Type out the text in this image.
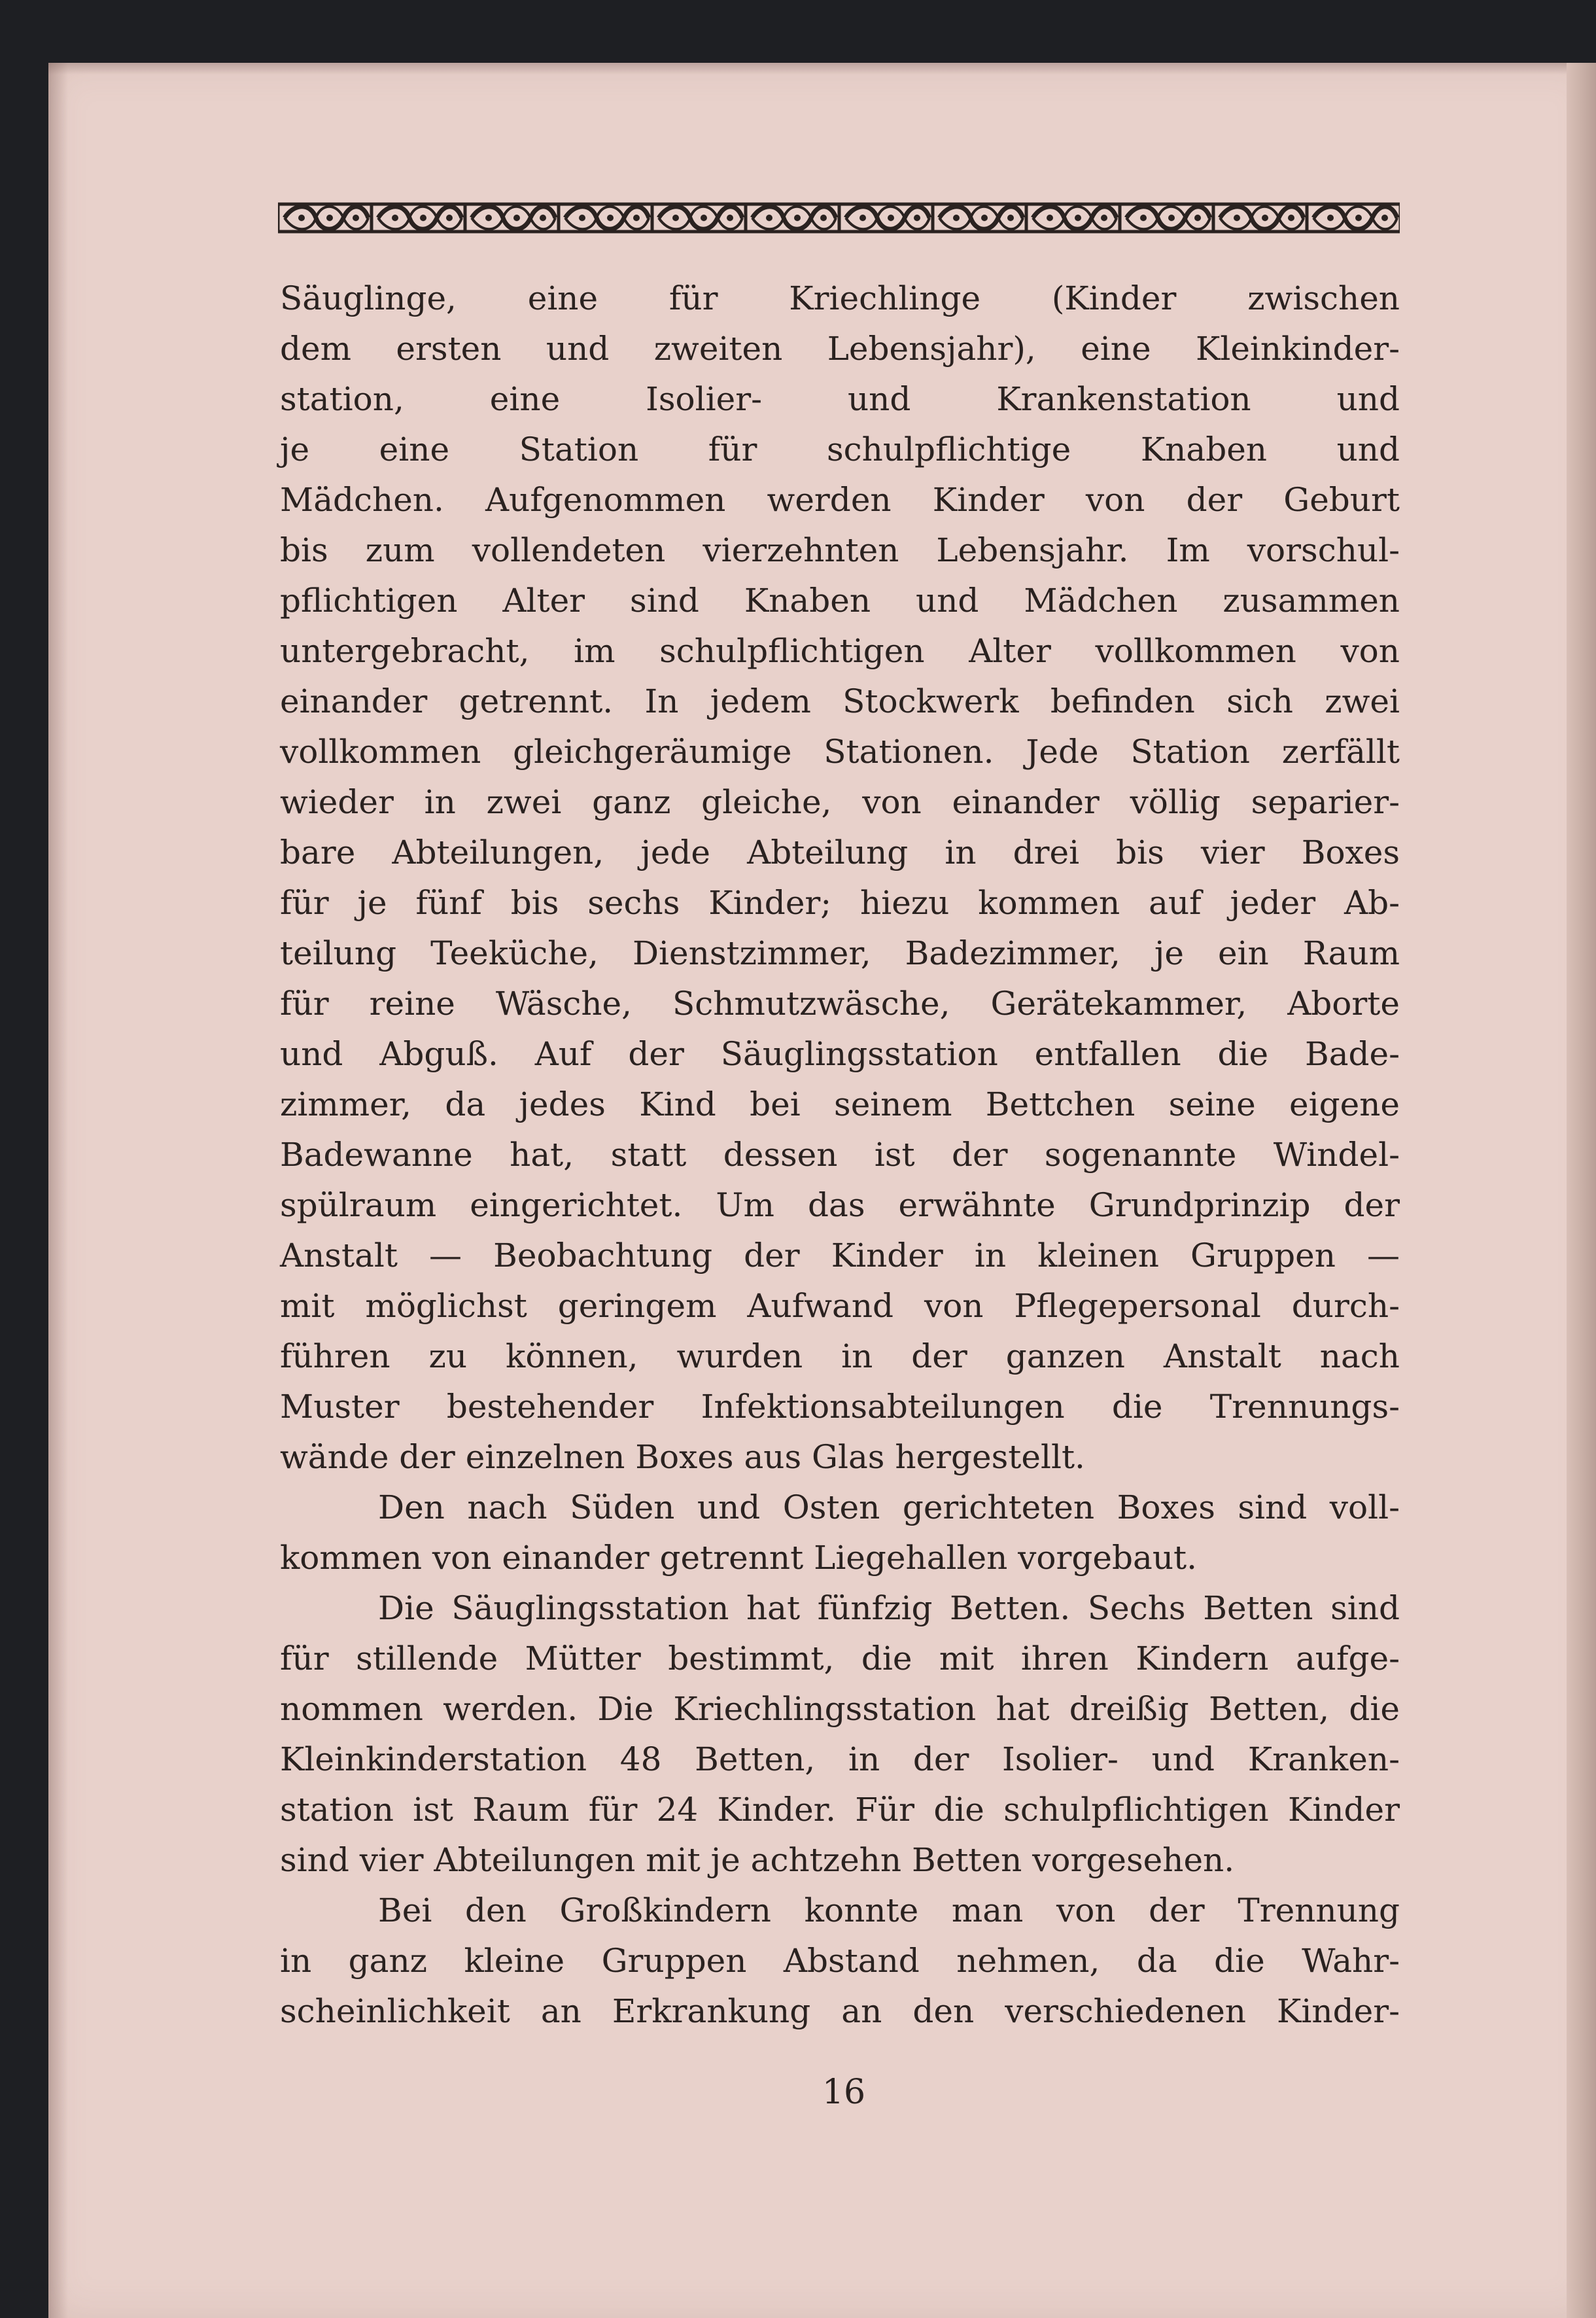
Säuglinge, eine für Kriechlinge (Kinder zwischen
dem ersten und zweiten Lebensjahr), eine Kleinkinder-
station, eine Isolier- und Krankenstation und
je eine Station für schulpflichtige Knaben und
Mädchen. Aufgenommen werden Kinder von der Geburt
bis zum vollendeten vierzehnten Lebensjahr. Im vorschul-
pflichtigen Alter sind Knaben und Mädchen zusammen
untergebracht, im schulpflichtigen Alter vollkommen von
einander getrennt. In jedem Stockwerk befinden sich zwei
vollkommen gleichgeräumige Stationen. Jede Station zerfällt
wieder in zwei ganz gleiche, von einander völlig separier-
bare Abteilungen, jede Abteilung in drei bis vier Boxes
für je fünf bis sechs Kinder; hiezu kommen auf jeder Ab-
teilung Teeküche, Dienstzimmer, Badezimmer, je ein Raum
für reine Wäsche, Schmutzwäsche, Gerätekammer, Aborte
und Abguß. Auf der Säuglingsstation entfallen die Bade-
zimmer, da jedes Kind bei seinem Bettchen seine eigene
Badewanne hat, statt dessen ist der sogenannte Windel-
spülraum eingerichtet. Um das erwähnte Grundprinzip der
Anstalt — Beobachtung der Kinder in kleinen Gruppen —
mit möglichst geringem Aufwand von Pflegepersonal durch-
führen zu können, wurden in der ganzen Anstalt nach
Muster bestehender Infektionsabteilungen die Trennungs-
wände der einzelnen Boxes aus Glas hergestellt.
Den nach Süden und Osten gerichteten Boxes sind voll-
kommen von einander getrennt Liegehallen vorgebaut.
Die Säuglingsstation hat fünfzig Betten. Sechs Betten sind
für stillende Mütter bestimmt, die mit ihren Kindern aufge-
nommen werden. Die Kriechlingsstation hat dreißig Betten, die
Kleinkinderstation 48 Betten, in der Isolier- und Kranken-
station ist Raum für 24 Kinder. Für die schulpflichtigen Kinder
sind vier Abteilungen mit je achtzehn Betten vorgesehen.
Bei den Großkindern konnte man von der Trennung
in ganz kleine Gruppen Abstand nehmen, da die Wahr-
scheinlichkeit an Erkrankung an den verschiedenen Kinder-
16
